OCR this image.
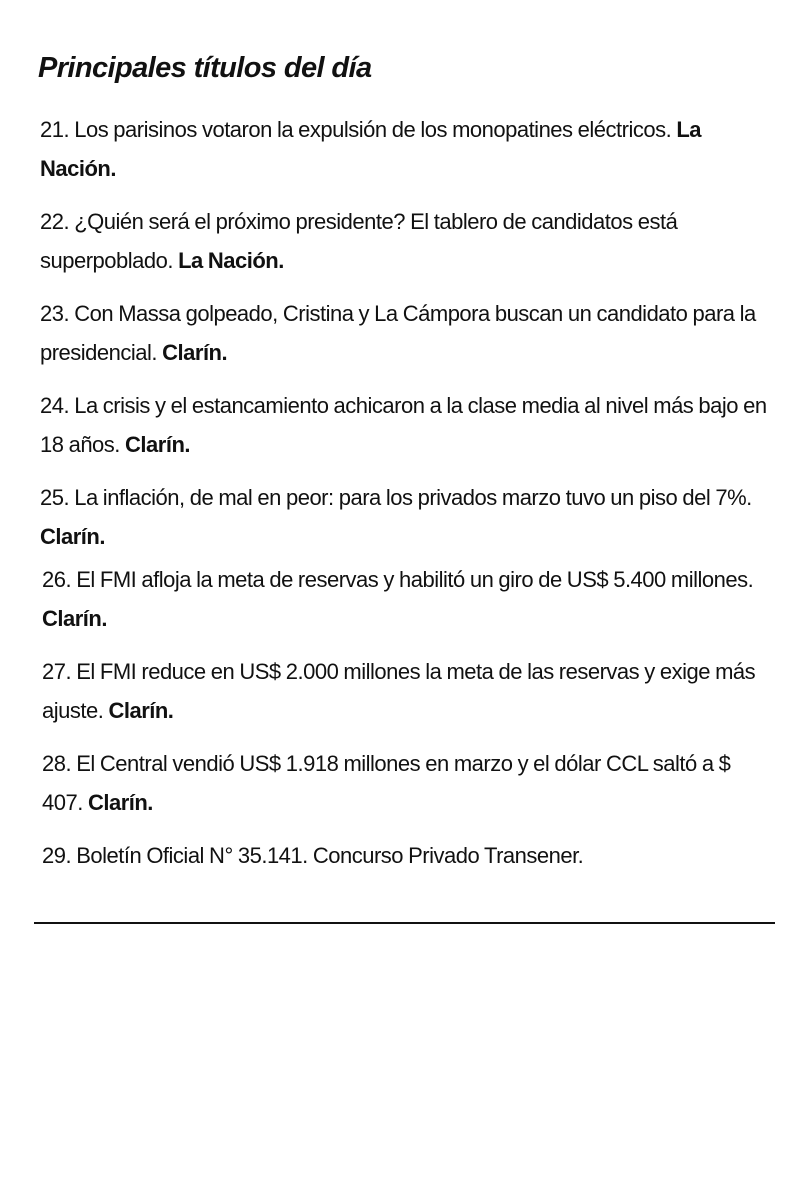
Principales títulos del día
21. Los parisinos votaron la expulsión de los monopatines eléctricos. La Nación.
22. ¿Quién será el próximo presidente? El tablero de candidatos está superpoblado. La Nación.
23. Con Massa golpeado, Cristina y La Cámpora buscan un candidato para la presidencial. Clarín.
24. La crisis y el estancamiento achicaron a la clase media al nivel más bajo en 18 años. Clarín.
25. La inflación, de mal en peor: para los privados marzo tuvo un piso del 7%. Clarín.
26. El FMI afloja la meta de reservas y habilitó un giro de US$ 5.400 millones. Clarín.
27. El FMI reduce en US$ 2.000 millones la meta de las reservas y exige más ajuste. Clarín.
28. El Central vendió US$ 1.918 millones en marzo y el dólar CCL saltó a $ 407. Clarín.
29. Boletín Oficial N° 35.141. Concurso Privado Transener.
